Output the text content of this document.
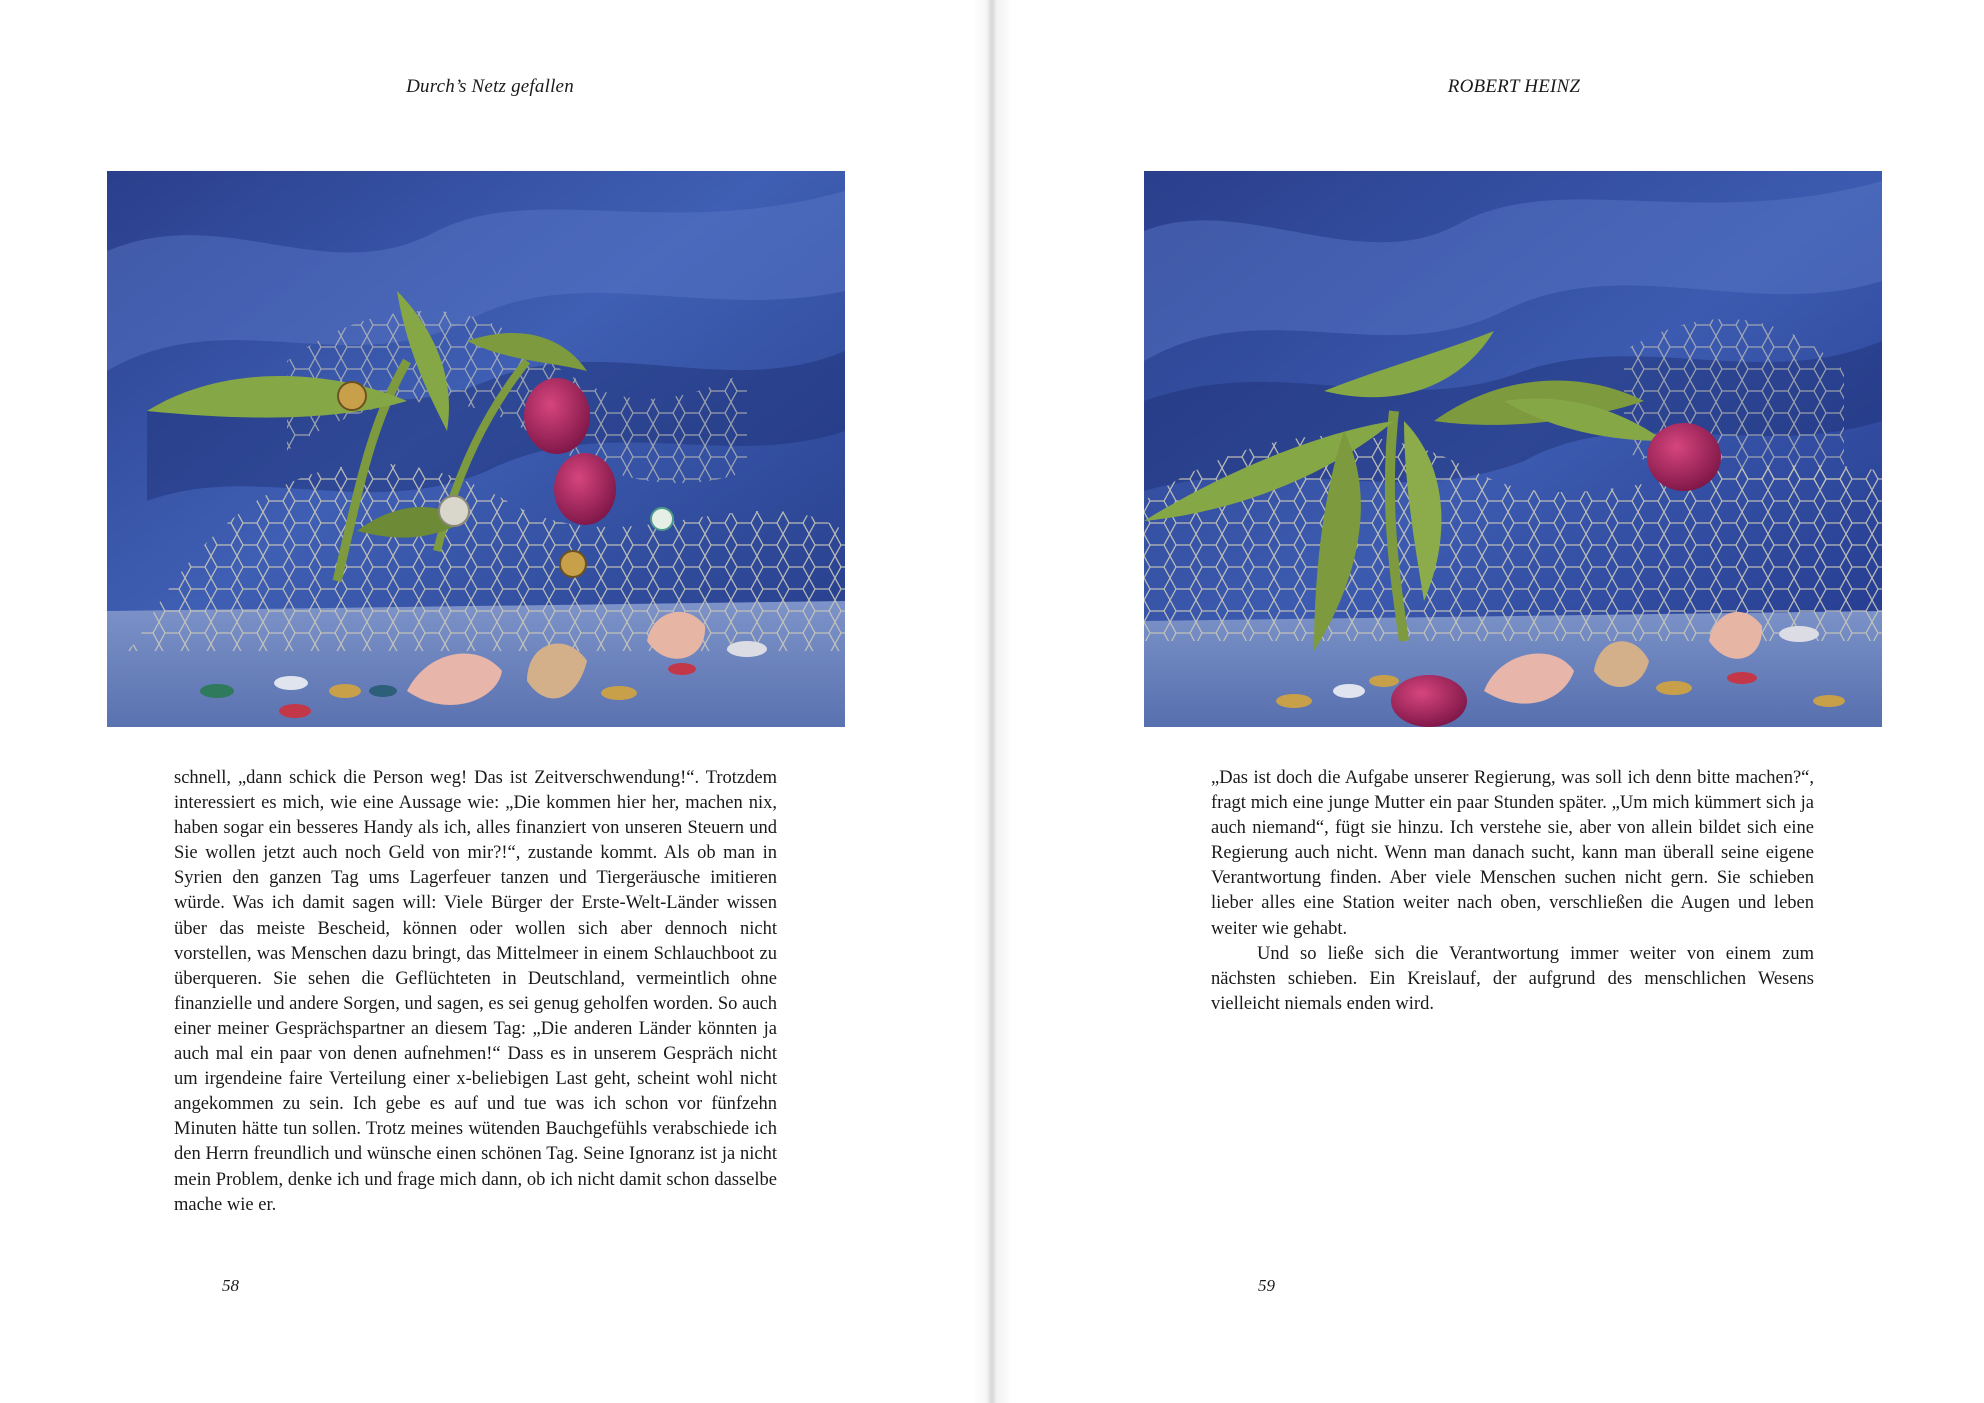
Durch’s Netz gefallen

schnell, „dann schick die Person weg! Das ist Zeitverschwendung!“. Trotzdem interessiert es mich, wie eine Aussage wie: „Die kommen hier her, machen nix, haben sogar ein besseres Handy als ich, alles finanziert von unseren Steuern und Sie wollen jetzt auch noch Geld von mir?!“, zustande kommt. Als ob man in Syrien den ganzen Tag ums Lagerfeuer tanzen und Tiergeräusche imitieren würde. Was ich damit sagen will: Viele Bürger der Erste-Welt-Länder wissen über das meiste Bescheid, können oder wollen sich aber dennoch nicht vorstellen, was Menschen dazu bringt, das Mittelmeer in einem Schlauchboot zu überqueren. Sie sehen die Geflüchteten in Deutschland, vermeintlich ohne finanzielle und andere Sorgen, und sagen, es sei genug geholfen worden. So auch einer meiner Gesprächspartner an diesem Tag: „Die anderen Länder könnten ja auch mal ein paar von denen aufnehmen!“ Dass es in unserem Gespräch nicht um irgendeine faire Verteilung einer x-beliebigen Last geht, scheint wohl nicht angekommen zu sein. Ich gebe es auf und tue was ich schon vor fünfzehn Minuten hätte tun sollen. Trotz meines wütenden Bauchgefühls verabschiede ich den Herrn freundlich und wünsche einen schönen Tag. Seine Ignoranz ist ja nicht mein Problem, denke ich und frage mich dann, ob ich nicht damit schon dasselbe mache wie er.

58
ROBERT HEINZ

„Das ist doch die Aufgabe unserer Regierung, was soll ich denn bitte machen?“, fragt mich eine junge Mutter ein paar Stunden später. „Um mich kümmert sich ja auch niemand“, fügt sie hinzu. Ich verstehe sie, aber von allein bildet sich eine Regierung auch nicht. Wenn man danach sucht, kann man überall seine eigene Verantwortung finden. Aber viele Menschen suchen nicht gern. Sie schieben lieber alles eine Station weiter nach oben, verschließen die Augen und leben weiter wie gehabt.

Und so ließe sich die Verantwortung immer weiter von einem zum nächsten schieben. Ein Kreislauf, der aufgrund des menschlichen Wesens vielleicht niemals enden wird.

59
